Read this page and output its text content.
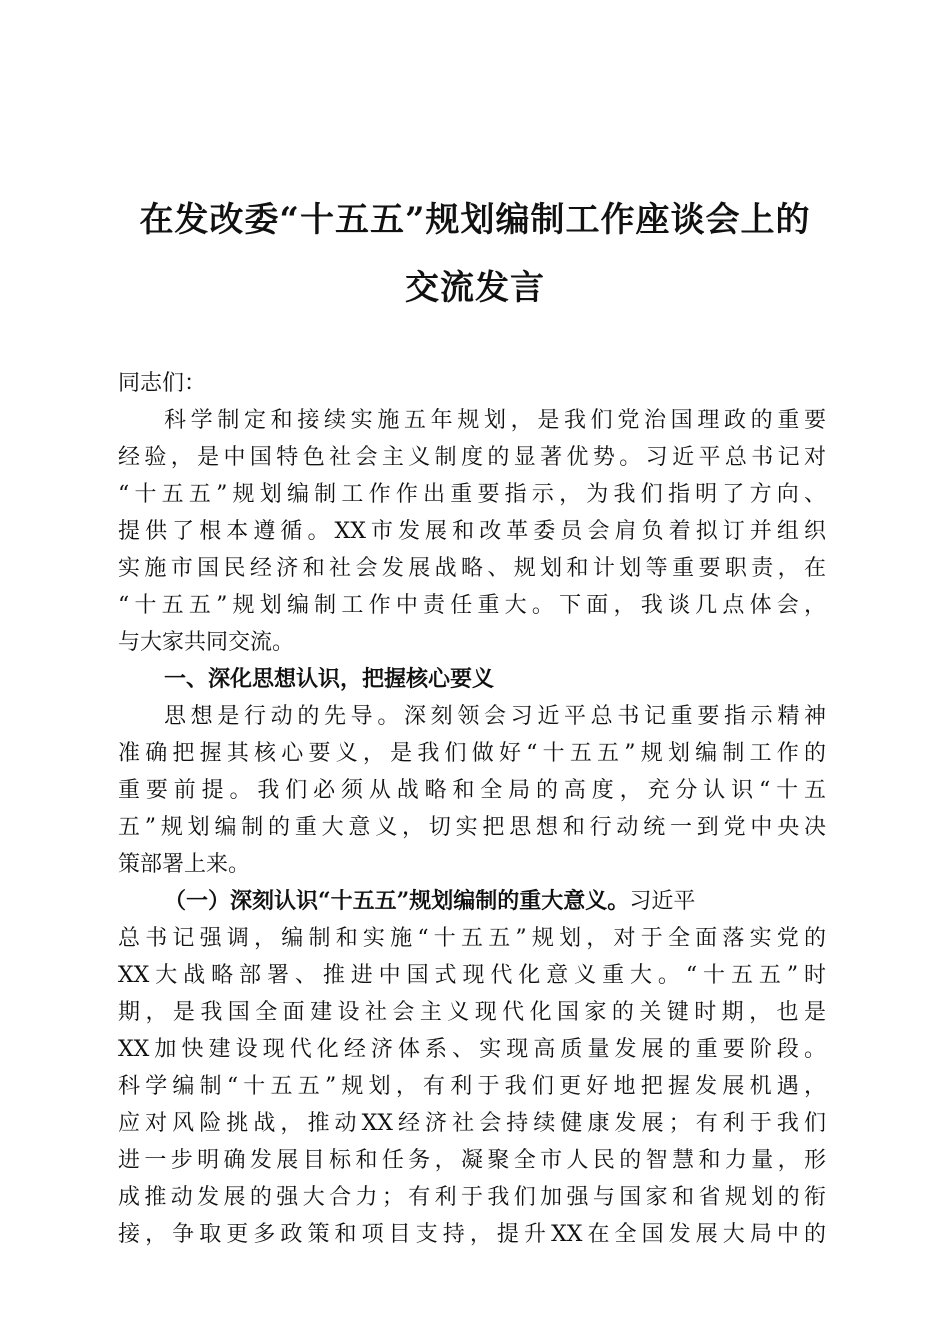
在发改委“十五五”规划编制工作座谈会上的
交流发言
同志们：
科学制定和接续实施五年规划，是我们党治国理政的重要
经验，是中国特色社会主义制度的显著优势。习近平总书记对
“十五五”规划编制工作作出重要指示，为我们指明了方向、
提供了根本遵循。XX市发展和改革委员会肩负着拟订并组织
实施市国民经济和社会发展战略、规划和计划等重要职责，在
“十五五”规划编制工作中责任重大。下面，我谈几点体会，
与大家共同交流。
一、深化思想认识，把握核心要义
思想是行动的先导。深刻领会习近平总书记重要指示精神
准确把握其核心要义，是我们做好“十五五”规划编制工作的
重要前提。我们必须从战略和全局的高度，充分认识“十五
五”规划编制的重大意义，切实把思想和行动统一到党中央决
策部署上来。
（一）深刻认识“十五五”规划编制的重大意义。习近平
总书记强调，编制和实施“十五五”规划，对于全面落实党的
XX大战略部署、推进中国式现代化意义重大。“十五五”时
期，是我国全面建设社会主义现代化国家的关键时期，也是
XX加快建设现代化经济体系、实现高质量发展的重要阶段。
科学编制“十五五”规划，有利于我们更好地把握发展机遇，
应对风险挑战，推动XX经济社会持续健康发展；有利于我们
进一步明确发展目标和任务，凝聚全市人民的智慧和力量，形
成推动发展的强大合力；有利于我们加强与国家和省规划的衔
接，争取更多政策和项目支持，提升XX在全国发展大局中的
